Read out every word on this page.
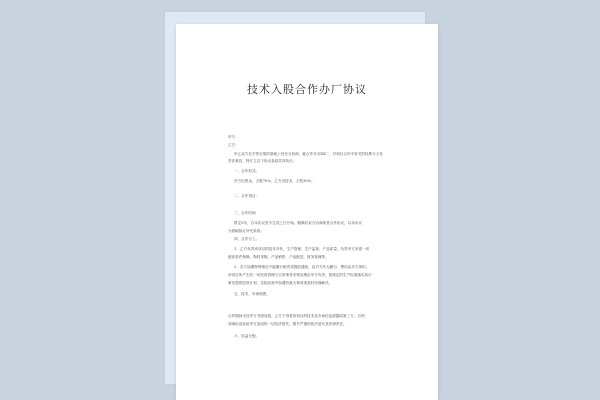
技术入股合作办厂协议
甲方：
乙方：
甲乙双方在平等自愿的基础上经充分协商，就合作开办XX厂，对项目合作中有关的权利与义务
责任事宜，特订立以下协议条款共同执行。
一、合作形式。
甲方出资金，占股70%，乙方出技术，占股30%。
二、合作项目：
三、合作时间
暂定5年，自本协议签字生效之日开始。期满后双方协商续签合作协议，以本协议
为基础续订补充条款。
四、合作分工。
1、乙方负责该项目的技术开发、生产管理、生产监督、产品质量，负责甲方所需一切
配套条件保障、物料采购、产品销售、产品配送，财务管理等。
2、各方如遇特殊情况不能履行职责须提前通知，由对方代为履行，费用由对方承担，
该项目所产生的一切经营管理与日常事务决策处理由甲方负责，按规定的生产标准落实执行
事先提供经营计划，实际经营中如遇有重大事项须及时协商解决。
五、技术、市场保密。
合作期间未经甲方书面同意，乙方不得将该项目的技术及市场信息泄露给第三方，否则
须承担由此给甲方造成的一切经济损失，情节严重的依法追究其法律责任。
六、权益分配。
